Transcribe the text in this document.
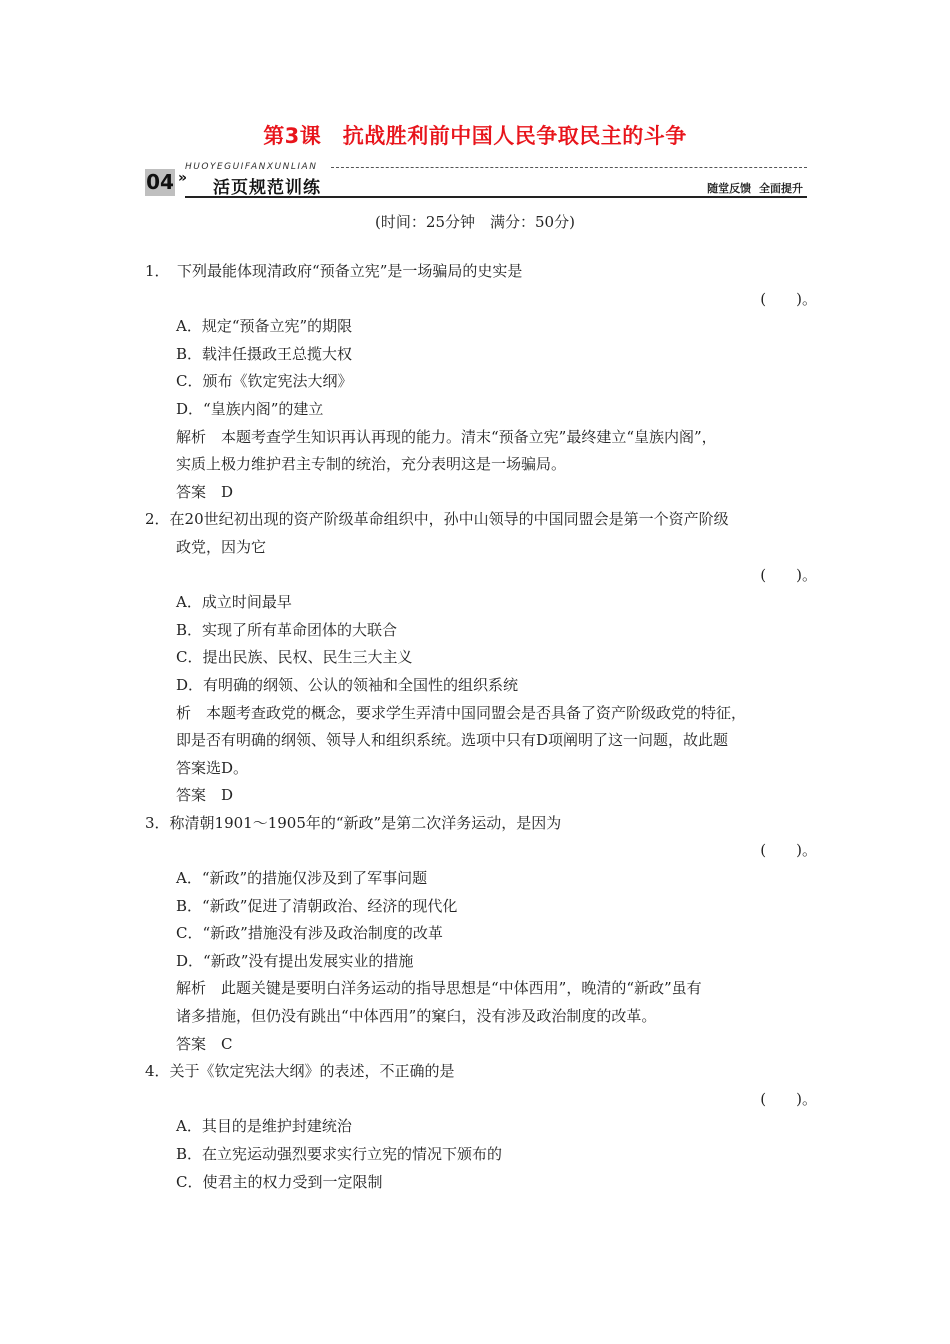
第3课　抗战胜利前中国人民争取民主的斗争
HUOYEGUIFANXUNLIAN
04 » 活页规范训练	随堂反馈 全面提升
(时间：25分钟　满分：50分)
1．　下列最能体现清政府“预备立宪”是一场骗局的史实是
(　　)。
A．规定“预备立宪”的期限
B．载沣任摄政王总揽大权
C．颁布《钦定宪法大纲》
D．“皇族内阁”的建立
解析　本题考查学生知识再认再现的能力。清末“预备立宪”最终建立“皇族内阁”，
实质上极力维护君主专制的统治，充分表明这是一场骗局。
答案　D
2．在20世纪初出现的资产阶级革命组织中，孙中山领导的中国同盟会是第一个资产阶级
政党，因为它
(　　)。
A．成立时间最早
B．实现了所有革命团体的大联合
C．提出民族、民权、民生三大主义
D．有明确的纲领、公认的领袖和全国性的组织系统
析　本题考查政党的概念，要求学生弄清中国同盟会是否具备了资产阶级政党的特征，
即是否有明确的纲领、领导人和组织系统。选项中只有D项阐明了这一问题，故此题
答案选D。
答案　D
3．称清朝1901～1905年的“新政”是第二次洋务运动，是因为
(　　)。
A．“新政”的措施仅涉及到了军事问题
B．“新政”促进了清朝政治、经济的现代化
C．“新政”措施没有涉及政治制度的改革
D．“新政”没有提出发展实业的措施
解析　此题关键是要明白洋务运动的指导思想是“中体西用”，晚清的“新政”虽有
诸多措施，但仍没有跳出“中体西用”的窠臼，没有涉及政治制度的改革。
答案　C
4．关于《钦定宪法大纲》的表述，不正确的是
(　　)。
A．其目的是维护封建统治
B．在立宪运动强烈要求实行立宪的情况下颁布的
C．使君主的权力受到一定限制
